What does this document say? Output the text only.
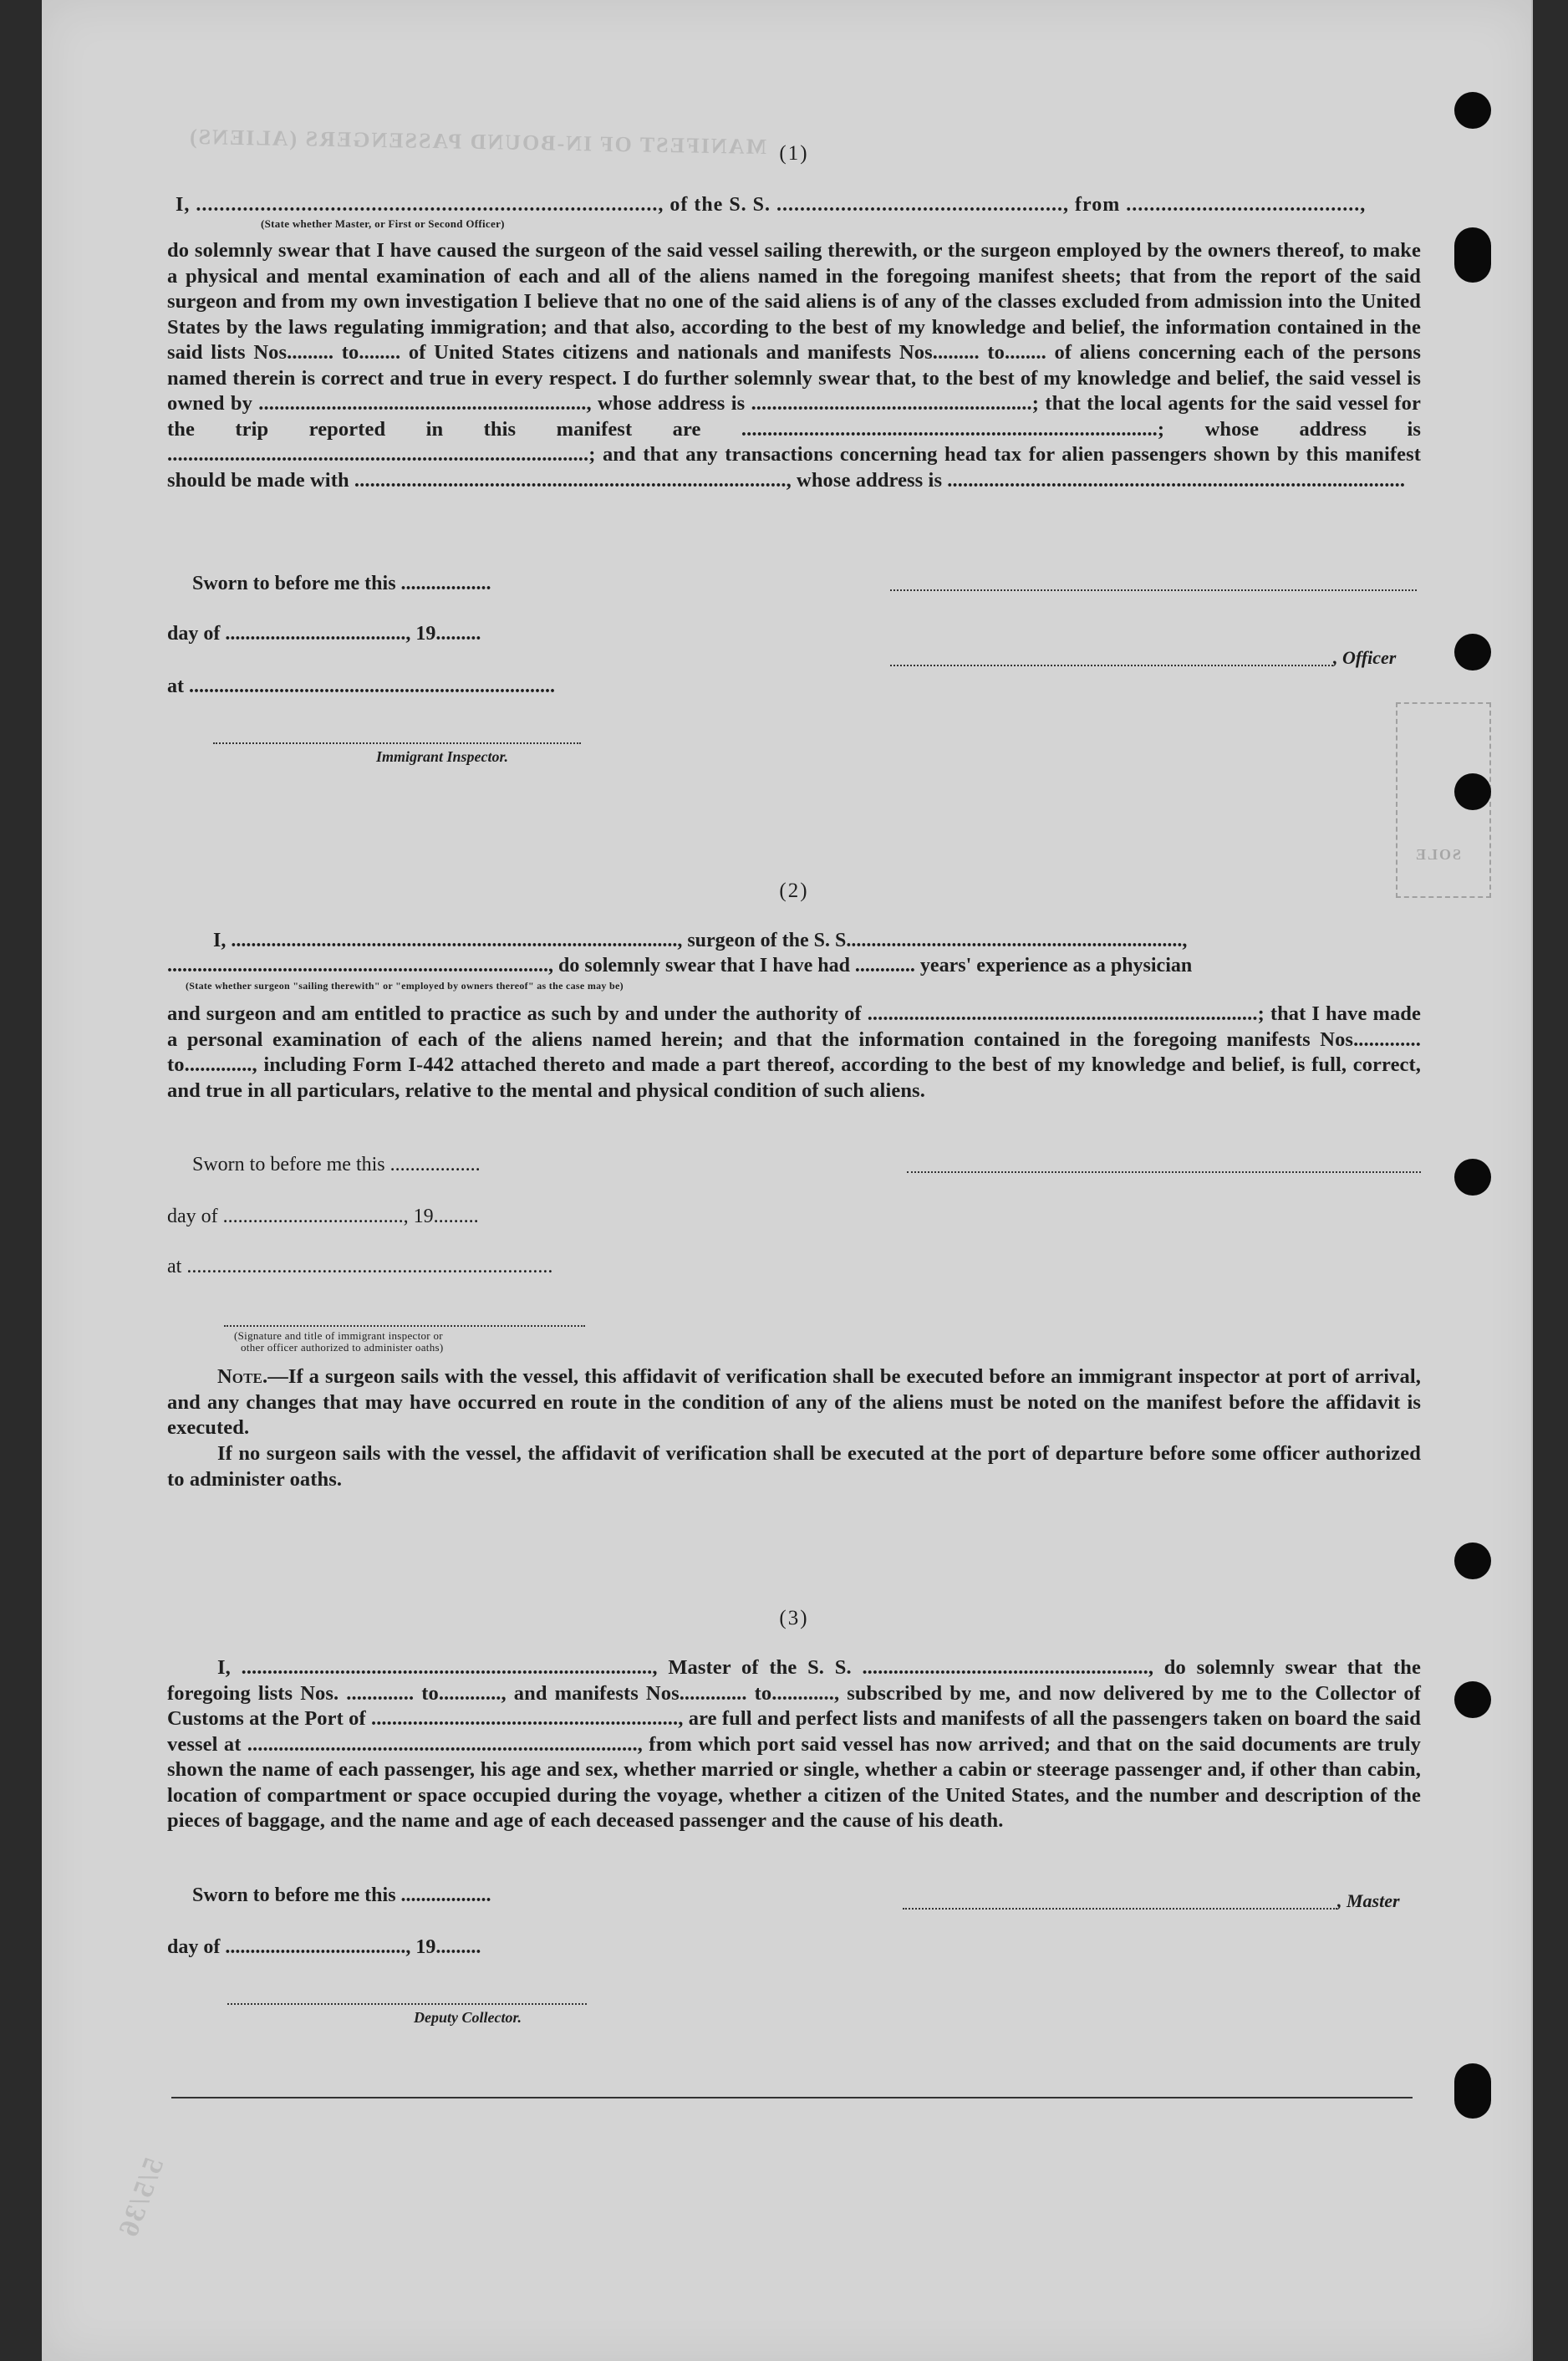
MANIFEST OF IN-BOUND PASSENGERS (ALIENS)
SOLE
5/5/36
(1)
I, ..............................................................................., of the S. S. ................................................., from ........................................,
(State whether Master, or First or Second Officer)
do solemnly swear that I have caused the surgeon of the said vessel sailing therewith, or the surgeon employed by the owners thereof, to make a physical and mental examination of each and all of the aliens named in the foregoing manifest sheets; that from the report of the said surgeon and from my own investigation I believe that no one of the said aliens is of any of the classes excluded from admission into the United States by the laws regulating immigration; and that also, according to the best of my knowledge and belief, the information contained in the said lists Nos......... to........ of United States citizens and nationals and manifests Nos......... to........ of aliens concerning each of the persons named therein is correct and true in every respect. I do further solemnly swear that, to the best of my knowledge and belief, the said vessel is owned by ..............................................................., whose address is ......................................................; that the local agents for the said vessel for the trip reported in this manifest are ................................................................................; whose address is .................................................................................; and that any transactions concerning head tax for alien passengers shown by this manifest should be made with ..................................................................................., whose address is ........................................................................................
Sworn to before me this ..................
day of ...................................., 19.........
, Officer
at .........................................................................
Immigrant Inspector.
(2)
I, ........................................................................................., surgeon of the S. S...................................................................,
............................................................................, do solemnly swear that I have had ............ years' experience as a physician
(State whether surgeon "sailing therewith" or "employed by owners thereof" as the case may be)
and surgeon and am entitled to practice as such by and under the authority of ...........................................................................; that I have made a personal examination of each of the aliens named herein; and that the information contained in the foregoing manifests Nos............. to............., including Form I-442 attached thereto and made a part thereof, according to the best of my knowledge and belief, is full, correct, and true in all particulars, relative to the mental and physical condition of such aliens.
Sworn to before me this ..................
day of ...................................., 19.........
at .........................................................................
(Signature and title of immigrant inspector or
other officer authorized to administer oaths)
Note.—If a surgeon sails with the vessel, this affidavit of verification shall be executed before an immigrant inspector at port of arrival, and any changes that may have occurred en route in the condition of any of the aliens must be noted on the manifest before the affidavit is executed.
If no surgeon sails with the vessel, the affidavit of verification shall be executed at the port of departure before some officer authorized to administer oaths.
(3)
I, ..............................................................................., Master of the S. S. ......................................................., do solemnly swear that the foregoing lists Nos. ............. to............, and manifests Nos............. to............, subscribed by me, and now delivered by me to the Collector of Customs at the Port of ..........................................................., are full and perfect lists and manifests of all the passengers taken on board the said vessel at ..........................................................................., from which port said vessel has now arrived; and that on the said documents are truly shown the name of each passenger, his age and sex, whether married or single, whether a cabin or steerage passenger and, if other than cabin, location of compartment or space occupied during the voyage, whether a citizen of the United States, and the number and description of the pieces of baggage, and the name and age of each deceased passenger and the cause of his death.
Sworn to before me this ..................	, Master
day of ...................................., 19.........
Deputy Collector.
